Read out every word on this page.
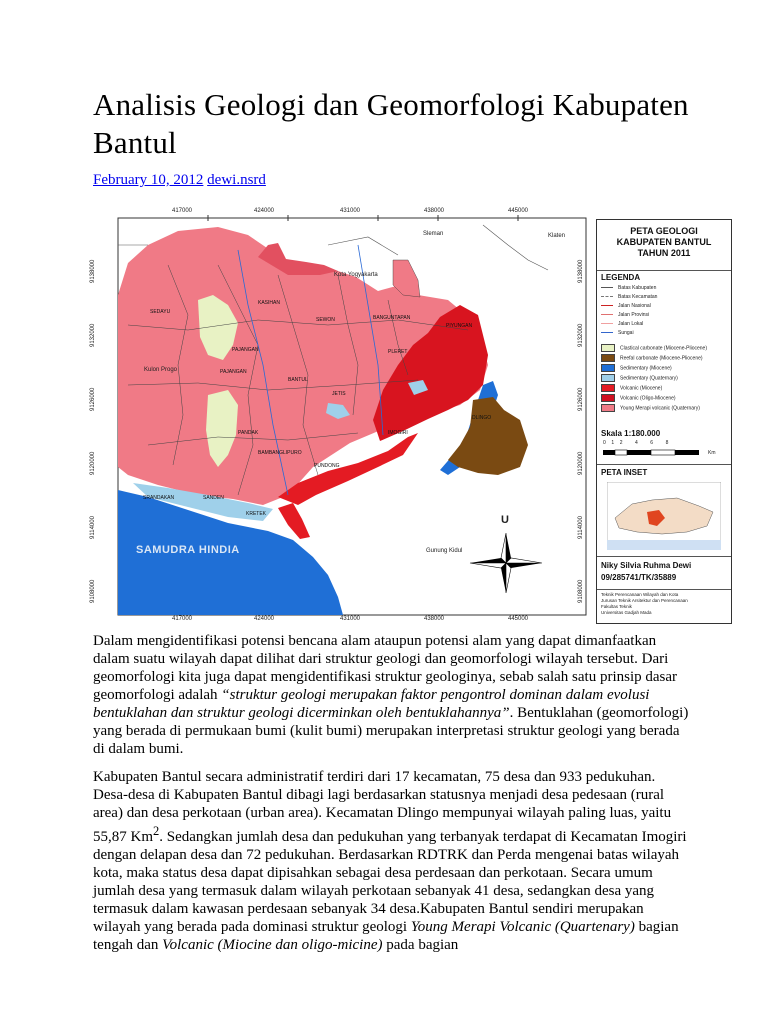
Analisis Geologi dan Geomorfologi Kabupaten Bantul
February 10, 2012 dewi.nsrd
417000	424000	431000	438000	445000
417000	424000	431000	438000	445000
9138000
9132000
9126000
9120000
9114000
9108000
9138000
9132000
9126000
9120000
9114000
9108000
Sleman	Klaten
Kota Yogyakarta
Kulon Progo
Gunung Kidul
SAMUDRA HINDIA
KASIHAN
SEWON	BANGUNTAPAN
PLERET
PIYUNGAN
PAJANGAN
BANTUL
JETIS
DLINGO
IMOGIRI
PANDAK
PUNDONG
BAMBANGLIPURO
SANDEN
KRETEK
SRANDAKAN
SEDAYU
PAJANGAN
U
PETA GEOLOGI
KABUPATEN BANTUL
TAHUN 2011
LEGENDA
Batas Kabupaten
Batas Kecamatan
Jalan Nasional
Jalan Provinsi
Jalan Lokal
Sungai
Clastical carbonate (Miocene-Pliocene)
Reefal carbonate (Miocene-Pliocene)
Sedimentary (Miocene)
Sedimentary (Quaternary)
Volcanic (Miocene)
Volcanic (Oligo-Miocene)
Young Merapi volcanic (Quaternary)
Skala 1:180.000
0 1 2	4	6	8
Km
PETA INSET
Niky Silvia Ruhma Dewi
09/285741/TK/35889
Teknik Perencanaan Wilayah dan Kota
Jurusan Teknik Arsitektur dan Perencanaan
Fakultas Teknik
Universitas Gadjah Mada

Dalam mengidentifikasi potensi bencana alam ataupun potensi alam yang dapat dimanfaatkan dalam suatu wilayah dapat dilihat dari struktur geologi dan geomorfologi wilayah tersebut. Dari geomorfologi kita juga dapat mengidentifikasi struktur geologinya, sebab salah satu prinsip dasar geomorfologi adalah “struktur geologi merupakan faktor pengontrol dominan dalam evolusi bentuklahan dan struktur geologi dicerminkan oleh bentuklahannya”. Bentuklahan (geomorfologi) yang berada di permukaan bumi (kulit bumi) merupakan interpretasi struktur geologi yang berada di dalam bumi.

Kabupaten Bantul secara administratif terdiri dari 17 kecamatan, 75 desa dan 933 pedukuhan. Desa-desa di Kabupaten Bantul dibagi lagi berdasarkan statusnya menjadi desa pedesaan (rural area) dan desa perkotaan (urban area). Kecamatan Dlingo mempunyai wilayah paling luas, yaitu 55,87 Km$^2$. Sedangkan jumlah desa dan pedukuhan yang terbanyak terdapat di Kecamatan Imogiri dengan delapan desa dan 72 pedukuhan. Berdasarkan RDTRK dan Perda mengenai batas wilayah kota, maka status desa dapat dipisahkan sebagai desa perdesaan dan perkotaan. Secara umum jumlah desa yang termasuk dalam wilayah perkotaan sebanyak 41 desa, sedangkan desa yang termasuk dalam kawasan perdesaan sebanyak 34 desa.Kabupaten Bantul sendiri merupakan wilayah yang berada pada dominasi struktur geologi Young Merapi Volcanic (Quartenary) bagian tengah dan Volcanic (Miocine dan oligo-micine) pada bagian
